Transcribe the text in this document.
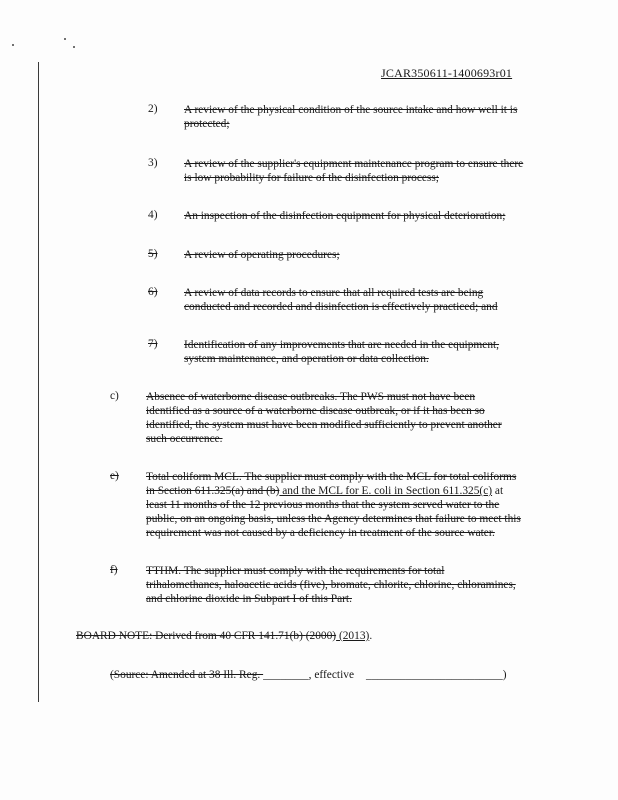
JCAR350611-1400693r01
2) A review of the physical condition of the source intake and how well it is
protected;
3) A review of the supplier's equipment maintenance program to ensure there
is low probability for failure of the disinfection process;
4) An inspection of the disinfection equipment for physical deterioration;
5) A review of operating procedures;
6) A review of data records to ensure that all required tests are being
conducted and recorded and disinfection is effectively practiced; and
7) Identification of any improvements that are needed in the equipment,
system maintenance, and operation or data collection.
c) Absence of waterborne disease outbreaks. The PWS must not have been
identified as a source of a waterborne disease outbreak, or if it has been so
identified, the system must have been modified sufficiently to prevent another
such occurrence.
e) Total coliform MCL. The supplier must comply with the MCL for total coliforms
in Section 611.325(a) and (b) and the MCL for E. coli in Section 611.325(c) at
least 11 months of the 12 previous months that the system served water to the
public, on an ongoing basis, unless the Agency determines that failure to meet this
requirement was not caused by a deficiency in treatment of the source water.
f) TTHM. The supplier must comply with the requirements for total
trihalomethanes, haloacetic acids (five), bromate, chlorite, chlorine, chloramines,
and chlorine dioxide in Subpart I of this Part.
BOARD NOTE: Derived from 40 CFR 141.71(b) (2000) (2013).
(Source: Amended at 38 Ill. Reg. ________, effective ________________________)
